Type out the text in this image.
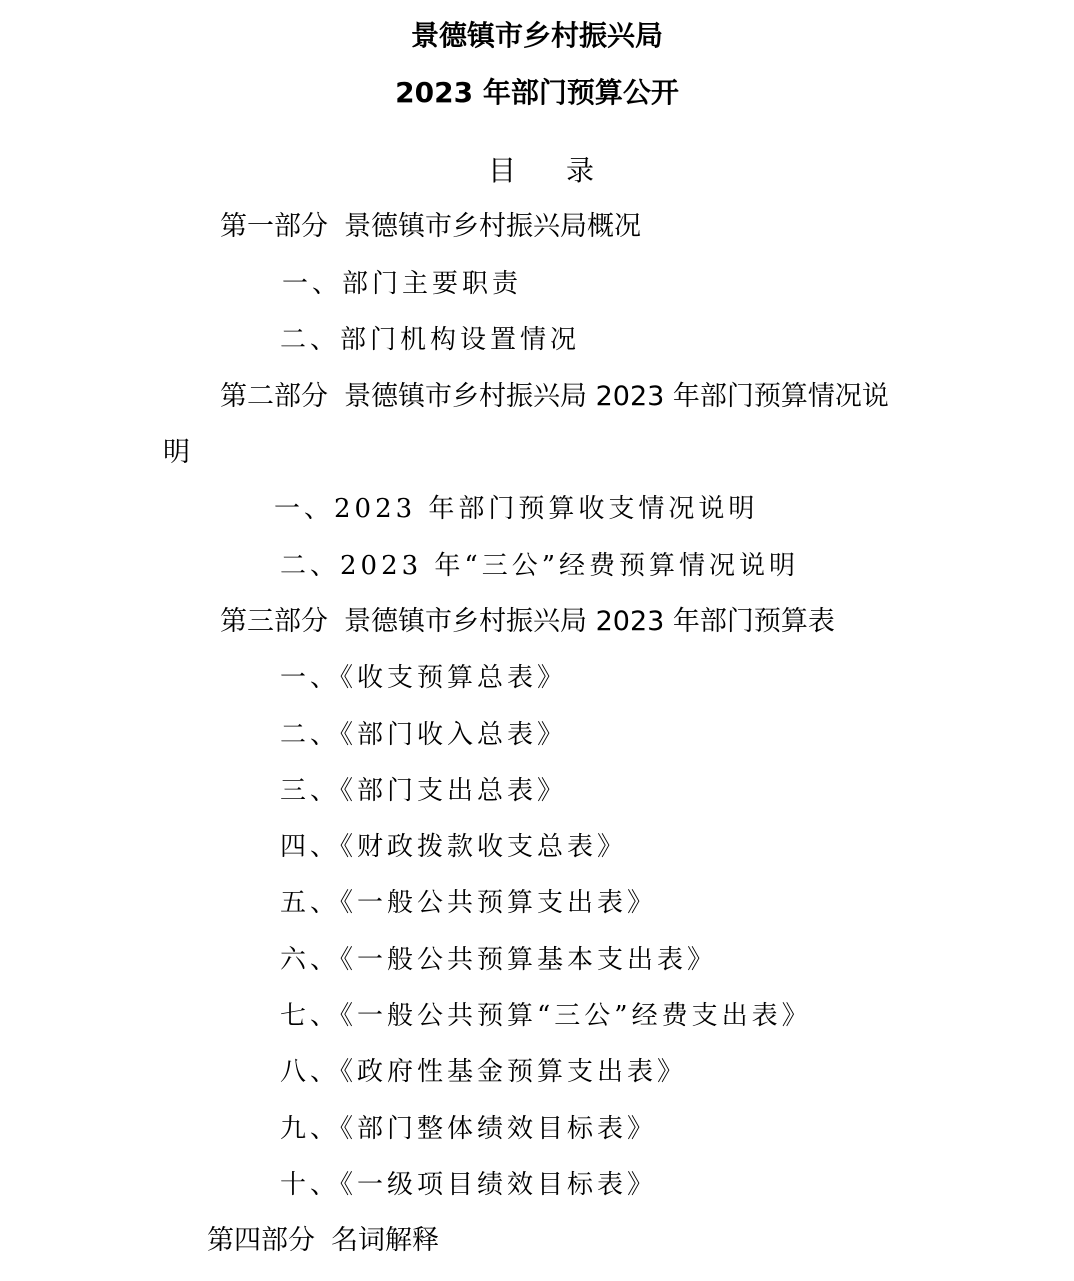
景德镇市乡村振兴局
2023 年部门预算公开
目 录
第一部分 景德镇市乡村振兴局概况
一、部门主要职责
二、部门机构设置情况
第二部分 景德镇市乡村振兴局 2023 年部门预算情况说
明
一、2023 年部门预算收支情况说明
二、2023 年“三公”经费预算情况说明
第三部分 景德镇市乡村振兴局 2023 年部门预算表
一、《收支预算总表》
二、《部门收入总表》
三、《部门支出总表》
四、《财政拨款收支总表》
五、《一般公共预算支出表》
六、《一般公共预算基本支出表》
七、《一般公共预算“三公”经费支出表》
八、《政府性基金预算支出表》
九、《部门整体绩效目标表》
十、《一级项目绩效目标表》
第四部分 名词解释
